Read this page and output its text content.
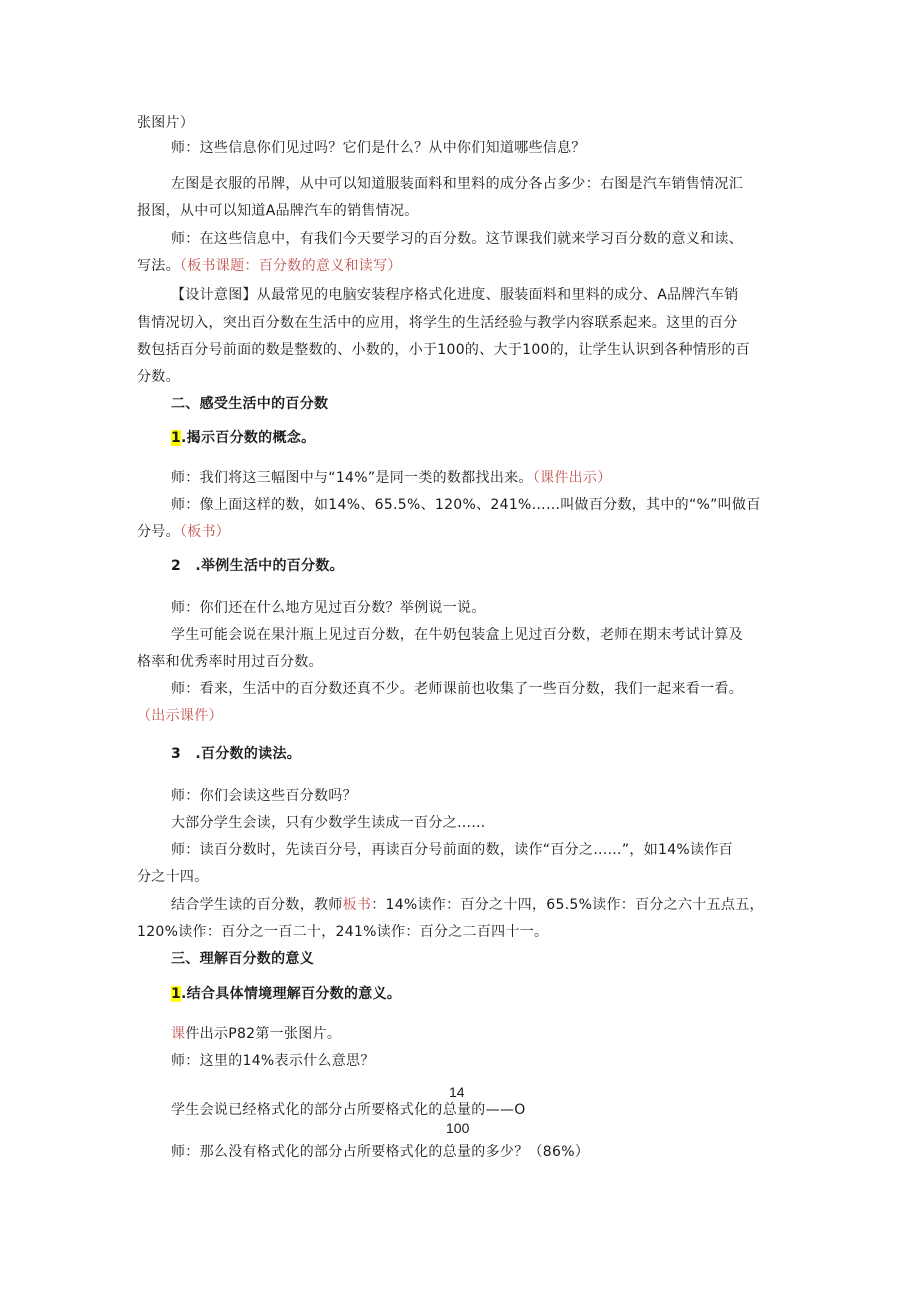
张图片）
师：这些信息你们见过吗？它们是什么？从中你们知道哪些信息？
左图是衣服的吊牌，从中可以知道服装面料和里料的成分各占多少：右图是汽车销售情况汇
报图，从中可以知道A品牌汽车的销售情况。
师：在这些信息中，有我们今天要学习的百分数。这节课我们就来学习百分数的意义和读、
写法。（板书课题：百分数的意义和读写）
【设计意图】从最常见的电脑安装程序格式化进度、服装面料和里料的成分、A品牌汽车销
售情况切入，突出百分数在生活中的应用，将学生的生活经验与教学内容联系起来。这里的百分
数包括百分号前面的数是整数的、小数的，小于100的、大于100的，让学生认识到各种情形的百
分数。
二、感受生活中的百分数
1.揭示百分数的概念。
师：我们将这三幅图中与“14%”是同一类的数都找出来。（课件出示）
师：像上面这样的数，如14%、65.5%、120%、241%……叫做百分数，其中的“%”叫做百
分号。（板书）
2　.举例生活中的百分数。
师：你们还在什么地方见过百分数？举例说一说。
学生可能会说在果汁瓶上见过百分数，在牛奶包装盒上见过百分数，老师在期末考试计算及
格率和优秀率时用过百分数。
师：看来，生活中的百分数还真不少。老师课前也收集了一些百分数，我们一起来看一看。
（出示课件）
3　.百分数的读法。
师：你们会读这些百分数吗？
大部分学生会读，只有少数学生读成一百分之……
师：读百分数时，先读百分号，再读百分号前面的数，读作“百分之……”，如14%读作百
分之十四。
结合学生读的百分数，教师板书：14%读作：百分之十四，65.5%读作：百分之六十五点五，
120%读作：百分之一百二十，241%读作：百分之二百四十一。
三、理解百分数的意义
1.结合具体情境理解百分数的意义。
课件出示P82第一张图片。
师：这里的14%表示什么意思？
学生会说已经格式化的部分占所要格式化的总量的——O
师：那么没有格式化的部分占所要格式化的总量的多少？（86%）
14
100
